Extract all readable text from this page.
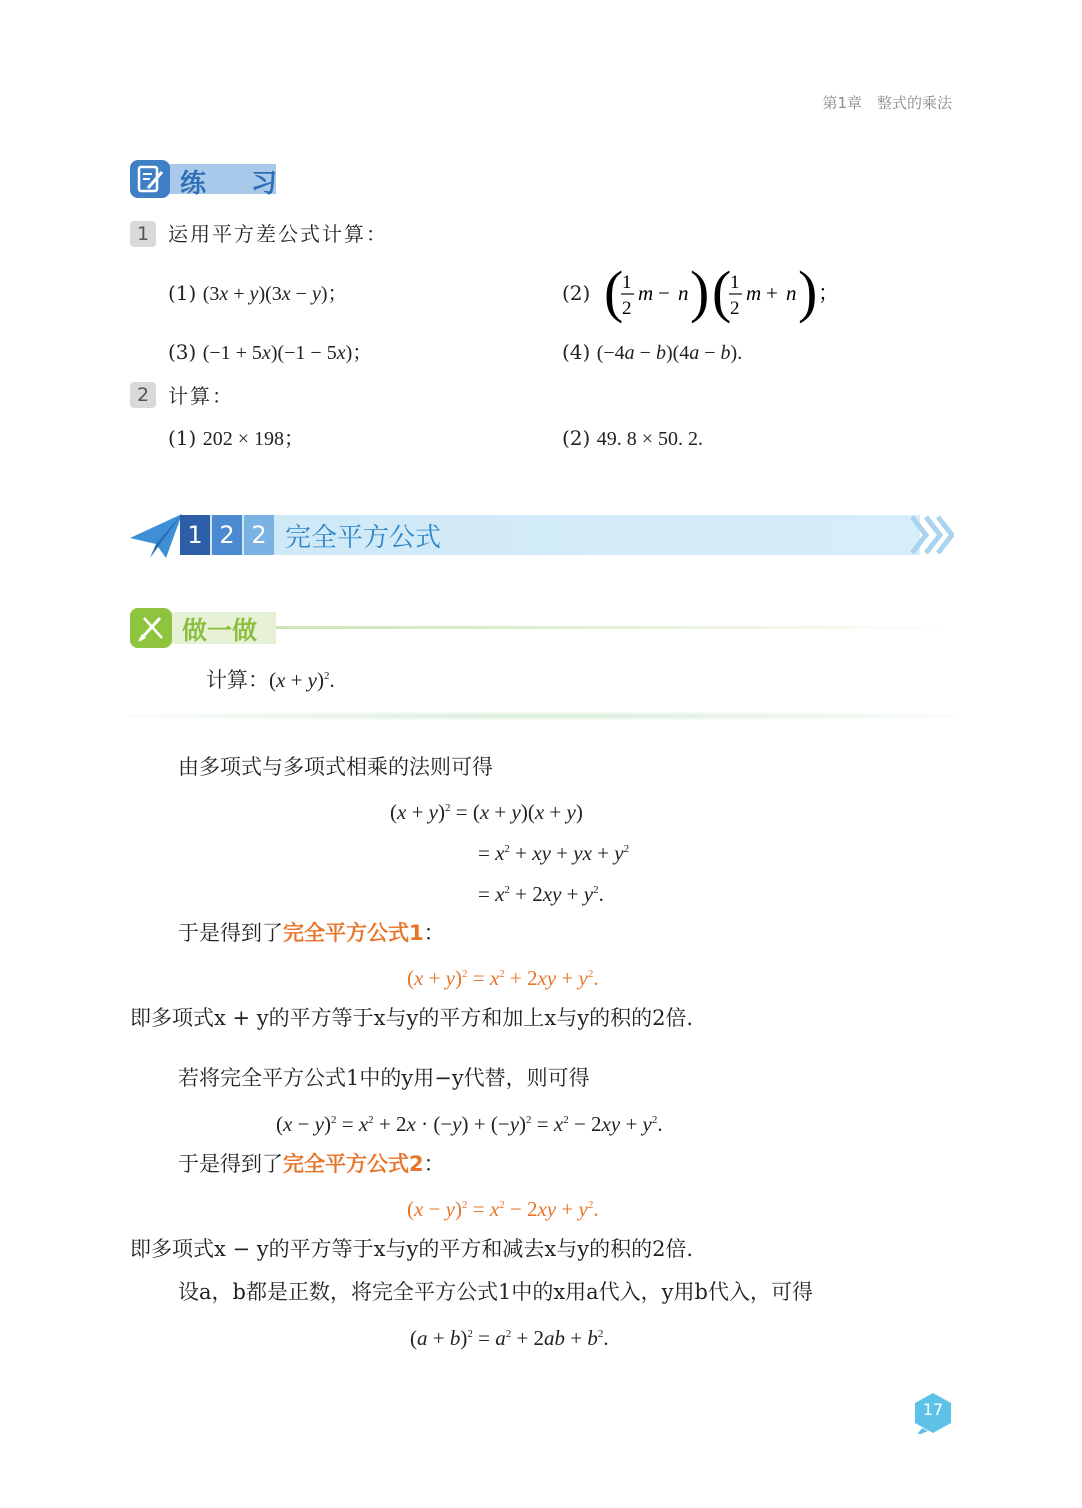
第1章　整式的乘法
练 习
1 运用平方差公式计算：
(1) (3x + y)(3x − y)；	(2) (
1
2
m − n ) (
1
2
m + n ) ；
(3) (−1 + 5x)(−1 − 5x)；	(4) (−4a − b)(4a − b).
2 计算：
(1) 202 × 198；	(2) 49. 8 × 50. 2.
1 2 2 完全平方公式
做一做
计算：$(x + y)^2$.
由多项式与多项式相乘的法则可得
$(x + y)^2 = (x + y)(x + y)$
= $x^2$ + xy + yx + $y^2$
= $x^2 + 2xy + y^2$.
于是得到了完全平方公式1：
$(x + y)^2 = x^2 + 2xy + y^2$.
即多项式x + y的平方等于x与y的平方和加上x与y的积的2倍.
若将完全平方公式1中的y用−y代替，则可得
$(x - y)^2 = x^2 + 2x \cdot (-y) + (-y)^2 = x^2 - 2xy + y^2$.
于是得到了完全平方公式2：
$(x - y)^2 = x^2 - 2xy + y^2$.
即多项式x − y的平方等于x与y的平方和减去x与y的积的2倍.
设a，b都是正数，将完全平方公式1中的x用a代入，y用b代入，可得
$(a + b)^2 = a^2 + 2ab + b^2$.
17
